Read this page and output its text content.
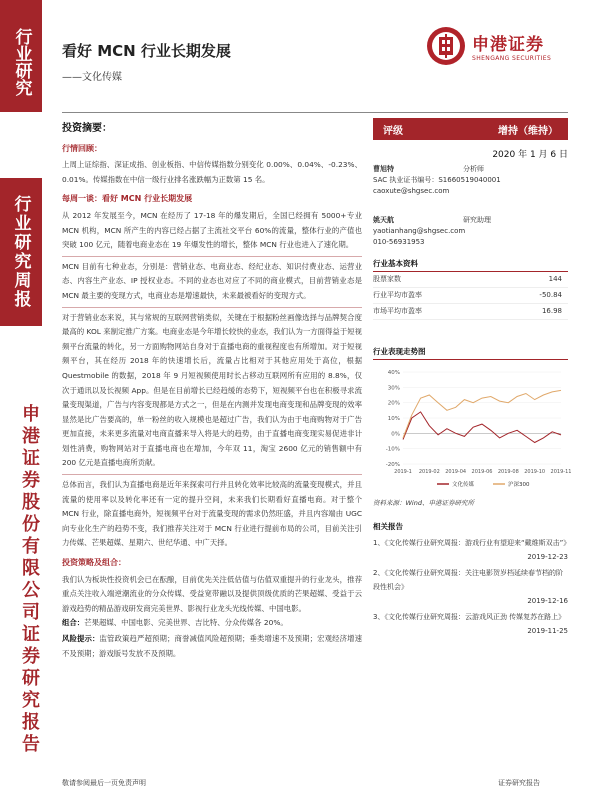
行业研究
行业研究周报
申港证券股份有限公司证券研究报告
看好 MCN 行业长期发展
——文化传媒
申港证券
SHENGANG SECURITIES
投资摘要：
行情回顾：
上周上证综指、深证成指、创业板指、中信传媒指数分别变化 0.00%、0.04%、-0.23%、0.01%。传媒指数在中信一级行业排名涨跌幅为正数第 15 名。
每周一谈：看好 MCN 行业长期发展
从 2012 年发展至今，MCN 在经历了 17-18 年的爆发期后，全国已经拥有 5000+专业 MCN 机构，MCN 所产生的内容已经占据了主流社交平台 60%的流量，整体行业的产值也突破 100 亿元，随着电商业态在 19 年爆发性的增长，整体 MCN 行业也进入了速化期。
MCN 目前有七种业态，分别是：营销业态、电商业态、经纪业态、知识付费业态、运营业态、内容生产业态、IP 授权业态。不同的业态也对应了不同的商业模式，目前营销业态是 MCN 最主要的变现方式，电商业态是增速最快，未来最被看好的变现方式。
对于营销业态来说，其与常规的互联网营销类似，关键在于根据粉丝画像选择与品牌契合度最高的 KOL 来制定推广方案。电商业态是今年增长较快的业态，我们认为一方面得益于短视频平台流量的转化，另一方面购物网站自身对于直播电商的重视程度也有所增加。对于短视频平台，其在经历 2018 年的快速增长后，流量占比相对于其他应用处于高位，根据 Questmobile 的数据，2018 年 9 月短视频使用时长占移动互联网所有应用的 8.8%，仅次于通讯以及长视频 App。但是在目前增长已经趋缓的态势下，短视频平台也在积极寻求流量变现渠道，广告与内容变现都是方式之一，但是在内测并发现电商变现和品牌变现的效率显然是比广告要高的，单一粉丝的收入规模也是超过广告，我们认为由于电商购物对于广告更加直接，未来更多流量对电商直播来导入将是大的趋势，由于直播电商变现实易促进非计划性消费，购物网站对于直播电商也在增加，今年双 11，淘宝 2600 亿元的销售额中有 200 亿元是直播电商所贡献。
总体而言，我们认为直播电商是近年来探索可行并且转化效率比较高的流量变现模式，并且流量的使用率以及转化率还有一定的提升空间，未来我们长期看好直播电商。对于整个 MCN 行业，除直播电商外，短视频平台对于流量变现的需求仍然旺盛，并且内容端由 UGC 向专业化生产的趋势不变，我们推荐关注对于 MCN 行业进行提前布局的公司，目前关注引力传媒、芒果超媒、星期六、世纪华通、中广天择。
投资策略及组合：
我们认为板块性投资机会已在酝酿，目前优先关注低估值与估值双重提升的行业龙头，推荐重点关注收入端逆潮流业的分众传媒、受益宽带融以及提供顶级优质的芒果超媒、受益于云游戏趋势的精品游戏研发商完美世界、影视行业龙头光线传媒、中国电影。
组合：芒果超媒、中国电影、完美世界、吉比特、分众传媒各 20%。
风险提示：监管政策趋严超预期；商誉减值风险超预期；垂类增速不及预期；宏观经济增速不及预期；游戏版号发放不及预期。
评级	增持（维持）
2020 年 1 月 6 日
曹旭特	分析师
SAC 执业证书编号：S1660519040001
caoxute@shgsec.com
姚天航	研究助理
yaotianhang@shgsec.com
010-56931953
行业基本资料
股票家数	144
行业平均市盈率	-50.84
市场平均市盈率	16.98
行业表现走势图
40%
30%
20%
10%
0%
-10%
-20%
2019-1 2019-02 2019-04 2019-06 2019-08 2019-10 2019-11
文化传媒	沪深300
资料来源：Wind、申港证券研究所
相关报告
1、《文化传媒行业研究周报：游戏行业有望迎来“戴维斯双击”》
2019-12-23
2、《文化传媒行业研究周报：关注电影贺岁档延续春节档的阶段性机会》
2019-12-16
3、《文化传媒行业研究周报：云游戏风正劲 传媒复苏在路上》
2019-11-25
敬请参阅最后一页免责声明	证券研究报告
